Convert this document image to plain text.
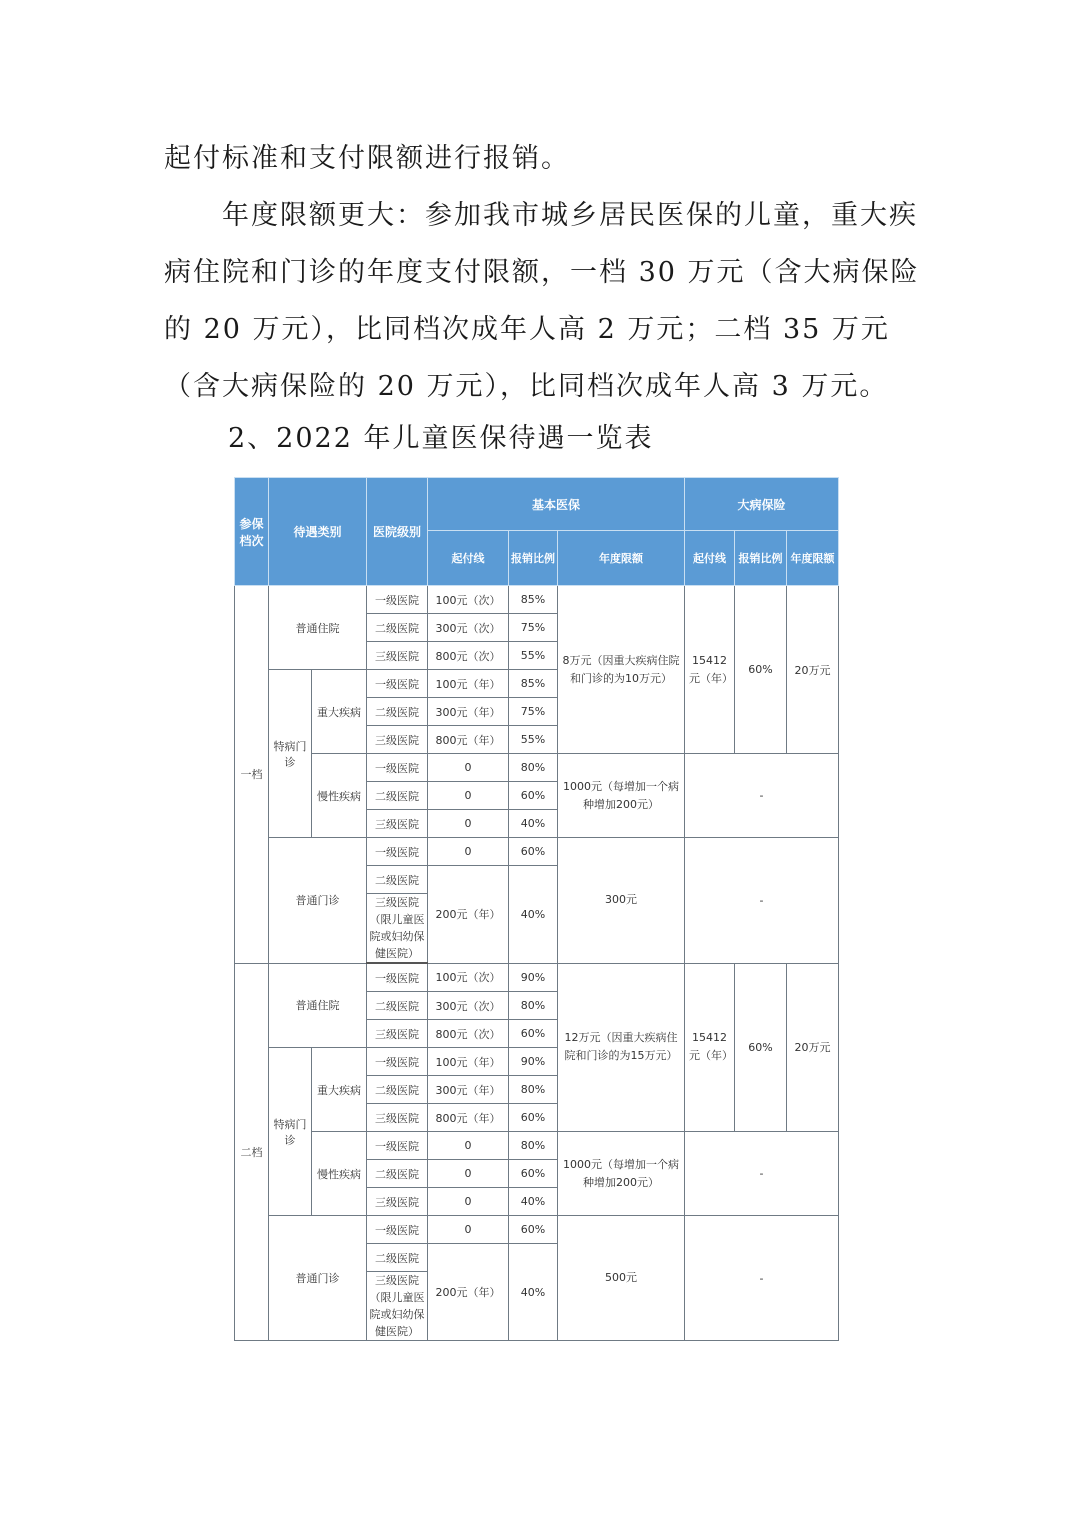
起付标准和支付限额进行报销。

年度限额更大：参加我市城乡居民医保的儿童，重大疾病住院和门诊的年度支付限额，一档 30 万元（含大病保险的 20 万元），比同档次成年人高 2 万元；二档 35 万元（含大病保险的 20 万元），比同档次成年人高 3 万元。

2、2022 年儿童医保待遇一览表
参保档次	待遇类别		医院级别	基本医保			大病保险		
				起付线	报销比例	年度限额	起付线	报销比例	年度限额
一档	普通住院		一级医院	100元（次）	85%	8万元（因重大疾病住院和门诊的为10万元）	15412元（年）	60%	20万元
			二级医院	300元（次）	75%				
			三级医院	800元（次）	55%				
	特病门诊	重大疾病	一级医院	100元（年）	85%				
			二级医院	300元（年）	75%				
			三级医院	800元（年）	55%				
		慢性疾病	一级医院	0	80%	1000元（每增加一个病种增加200元）	-		
			二级医院	0	60%				
			三级医院	0	40%				
	普通门诊		一级医院	0	60%	300元	-		
			二级医院	200元（年）	40%				
			三级医院（限儿童医院或妇幼保健医院）						
二档	普通住院		一级医院	100元（次）	90%	12万元（因重大疾病住院和门诊的为15万元）	15412元（年）	60%	20万元
			二级医院	300元（次）	80%				
			三级医院	800元（次）	60%				
	特病门诊	重大疾病	一级医院	100元（年）	90%				
			二级医院	300元（年）	80%				
			三级医院	800元（年）	60%				
		慢性疾病	一级医院	0	80%	1000元（每增加一个病种增加200元）	-		
			二级医院	0	60%				
			三级医院	0	40%				
	普通门诊		一级医院	0	60%	500元	-		
			二级医院	200元（年）	40%				
			三级医院（限儿童医院或妇幼保健医院）						
